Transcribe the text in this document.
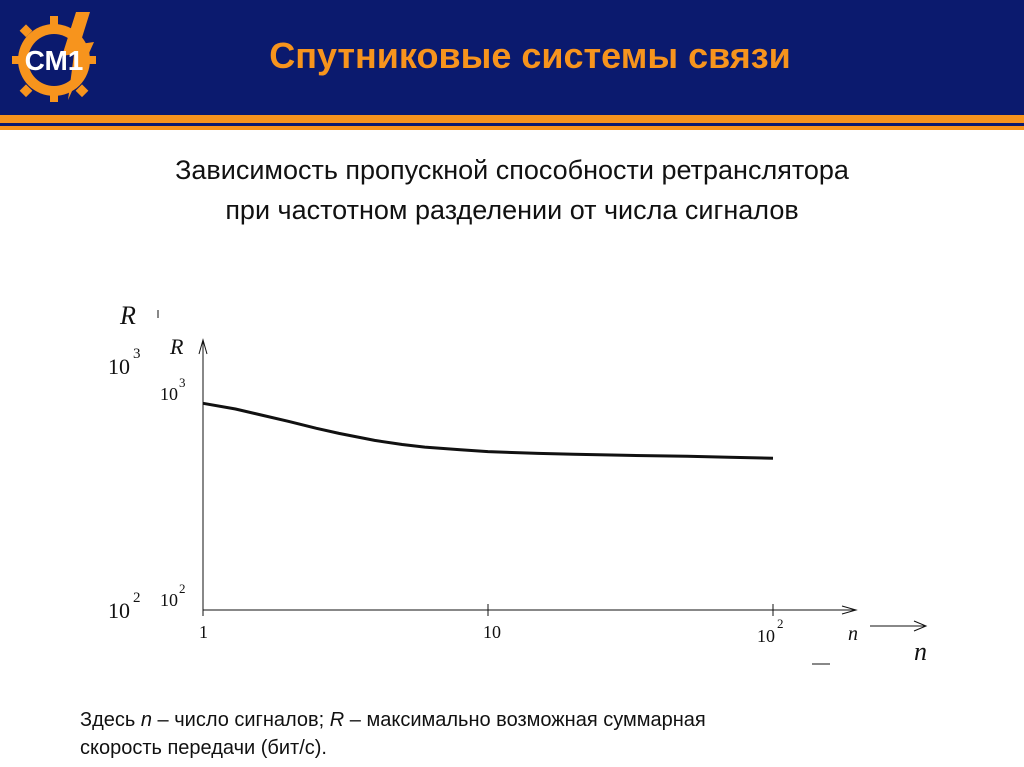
СМ1	Спутниковые системы связи
Зависимость пропускной способности ретранслятора
при частотном разделении от числа сигналов
R
10 3
10 2
n
R
n
10
3
10
2
1	10	10
2
Здесь n – число сигналов; R – максимально возможная суммарная
скорость передачи (бит/с).
